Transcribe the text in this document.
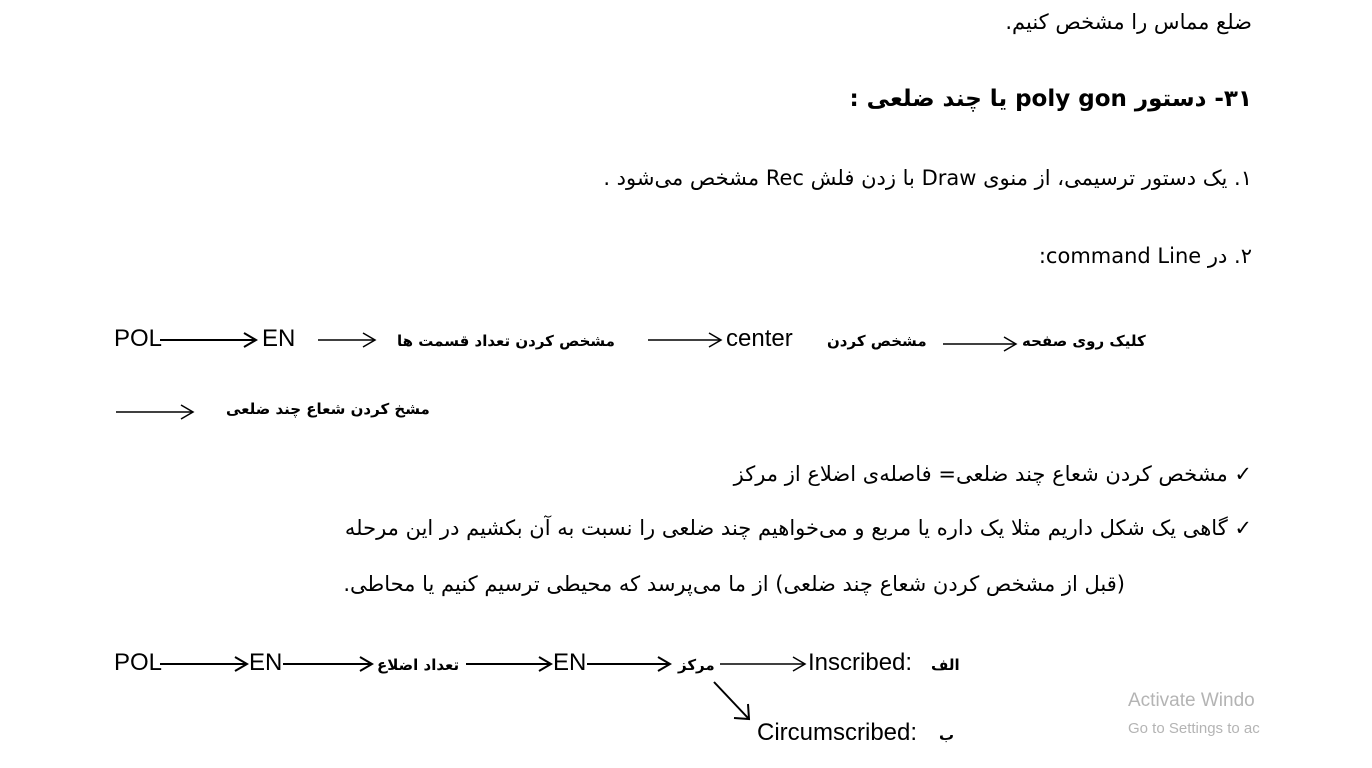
ضلع مماس را مشخص کنیم.
۳۱- دستور poly gon یا چند ضلعی :
۱. یک دستور ترسیمی، از منوی Draw با زدن فلش Rec مشخص می‌شود .
۲. در command Line:
POL	EN	مشخص کردن تعداد قسمت ها	center مشخص کردن	کلیک روی صفحه
مشخ کردن شعاع چند ضلعی
✓ مشخص کردن شعاع چند ضلعی= فاصله‌ی اضلاع از مرکز
✓ گاهی یک شکل داریم مثلا یک داره یا مربع و می‌خواهیم چند ضلعی را نسبت به آن بکشیم در این مرحله
(قبل از مشخص کردن شعاع چند ضلعی) از ما می‌پرسد که محیطی ترسیم کنیم یا محاطی.
POL	EN	تعداد اضلاع	EN	مرکز	Inscribed: الف
Circumscribed: ب
Activate Windo
Go to Settings to ac
